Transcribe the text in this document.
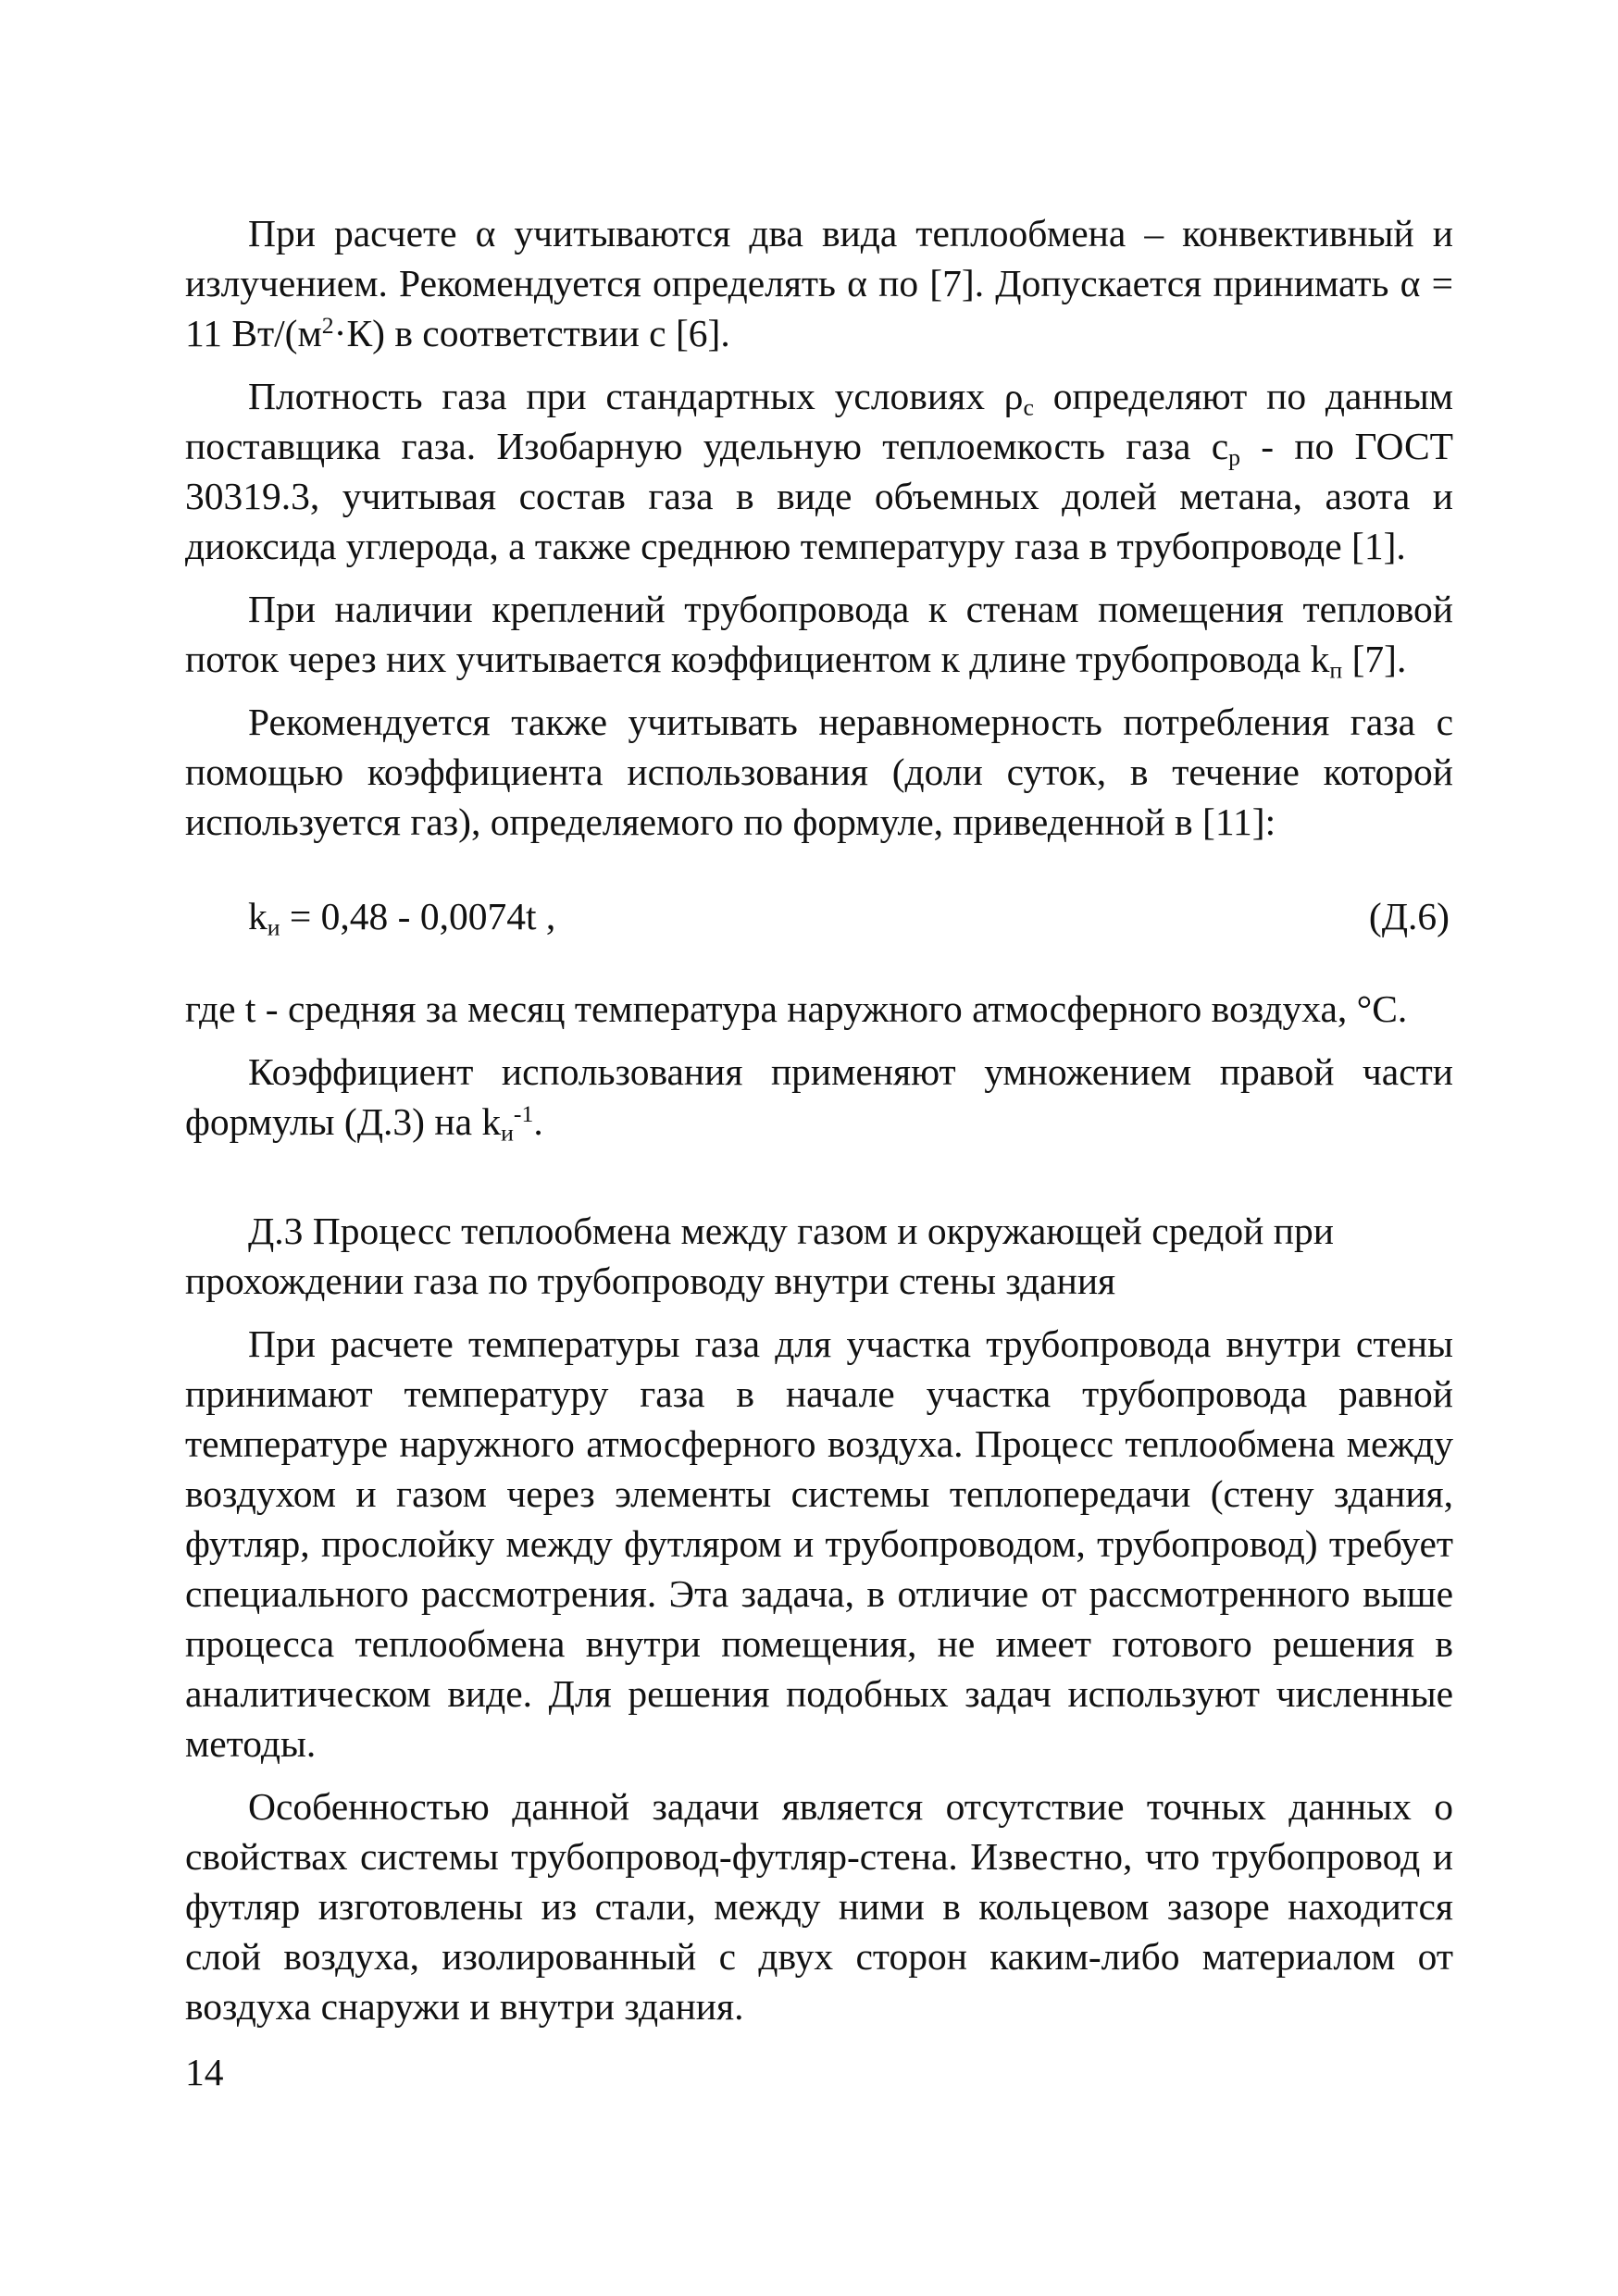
При расчете α учитываются два вида теплообмена – конвективный и излучением. Рекомендуется определять α по [7]. Допускается принимать α = 11 $Вт/(м^2\cdot К)$ в соответствии с [6].

Плотность газа при стандартных условиях $\rho_с$ определяют по данным поставщика газа. Изобарную удельную теплоемкость газа $с_р$ - по ГОСТ 30319.3, учитывая состав газа в виде объемных долей метана, азота и диоксида углерода, а также среднюю температуру газа в трубопроводе [1].

При наличии креплений трубопровода к стенам помещения тепловой поток через них учитывается коэффициентом к длине трубопровода $k_п$ [7].

Рекомендуется также учитывать неравномерность потребления газа с помощью коэффициента использования (доли суток, в течение которой используется газ), определяемого по формуле, приведенной в [11]:

$k_и = 0,48 - 0,0074t$ ,	(Д.6)

где t - средняя за месяц температура наружного атмосферного воздуха, °С.

Коэффициент использования применяют умножением правой части формулы (Д.3) на $k_и^{-1}$.

Д.3 Процесс теплообмена между газом и окружающей средой при прохождении газа по трубопроводу внутри стены здания

При расчете температуры газа для участка трубопровода внутри стены принимают температуру газа в начале участка трубопровода равной температуре наружного атмосферного воздуха. Процесс теплообмена между воздухом и газом через элементы системы теплопередачи (стену здания, футляр, прослойку между футляром и трубопроводом, трубопровод) требует специального рассмотрения. Эта задача, в отличие от рассмотренного выше процесса теплообмена внутри помещения, не имеет готового решения в аналитическом виде. Для решения подобных задач используют численные методы.

Особенностью данной задачи является отсутствие точных данных о свойствах системы трубопровод-футляр-стена. Известно, что трубопровод и футляр изготовлены из стали, между ними в кольцевом зазоре находится слой воздуха, изолированный с двух сторон каким-либо материалом от воздуха снаружи и внутри здания.

14
